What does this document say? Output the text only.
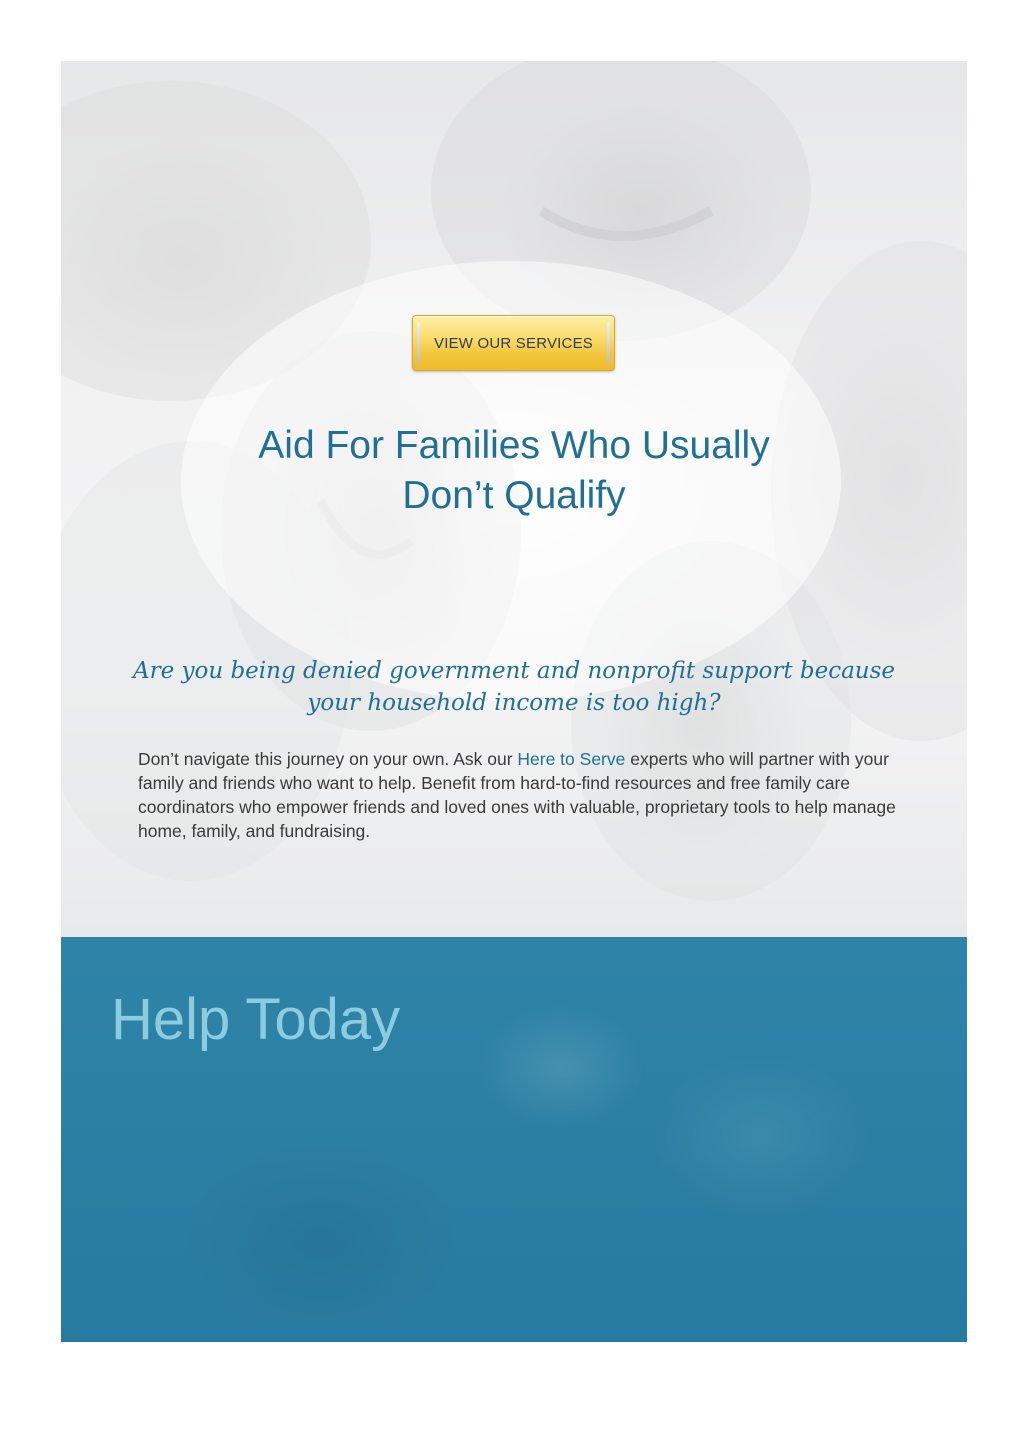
VIEW OUR SERVICES
Aid For Families Who Usually
Don’t Qualify

Are you being denied government and nonprofit support because
your household income is too high?

Don’t navigate this journey on your own. Ask our Here to Serve experts who will partner with your family and friends who want to help. Benefit from hard-to-find resources and free family care coordinators who empower friends and loved ones with valuable, proprietary tools to help manage home, family, and fundraising.

Help Today
